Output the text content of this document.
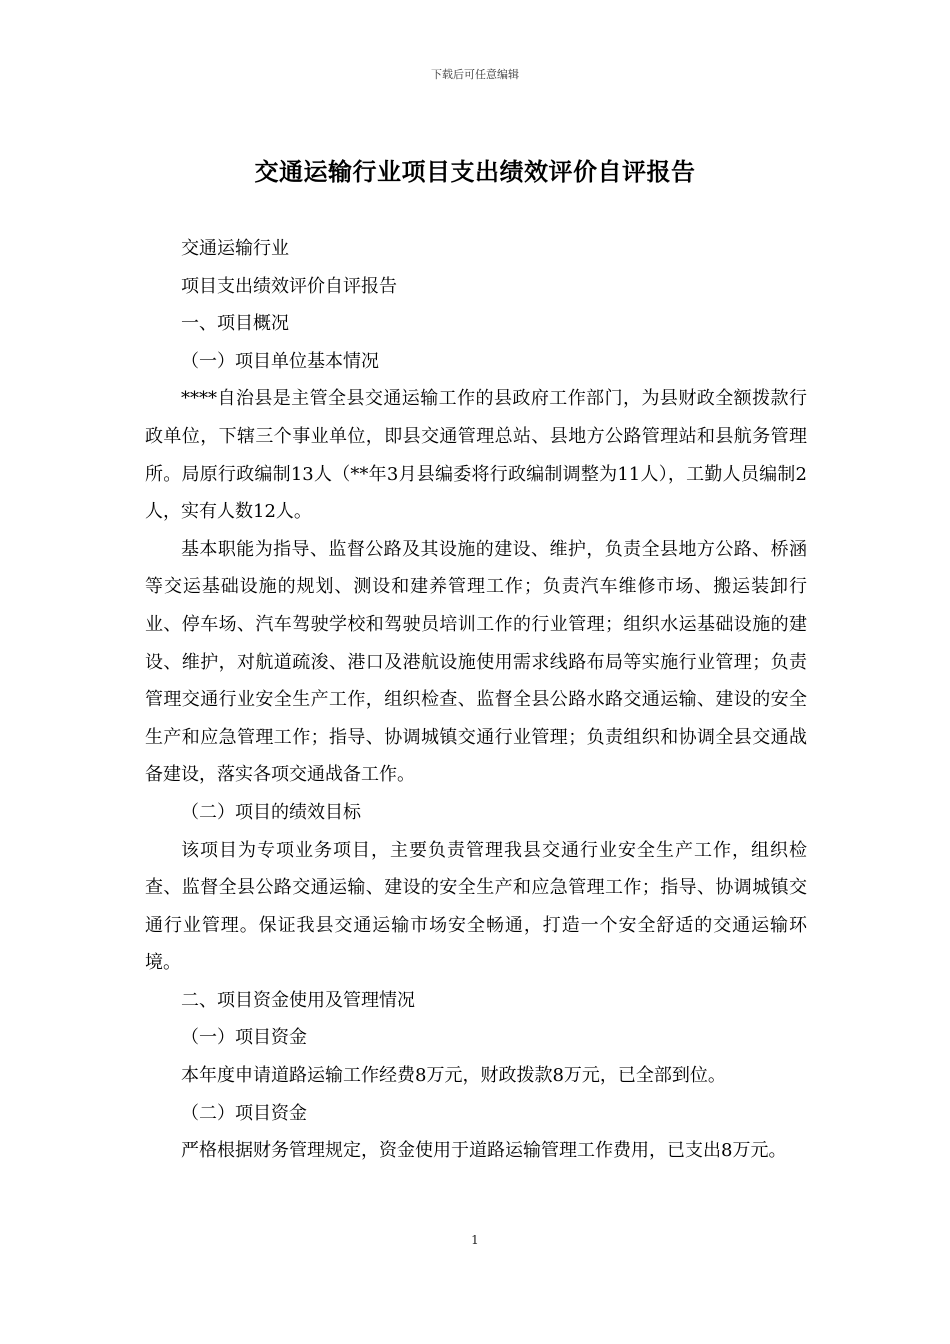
下载后可任意编辑
交通运输行业项目支出绩效评价自评报告

交通运输行业

项目支出绩效评价自评报告

一、项目概况

（一）项目单位基本情况

****自治县是主管全县交通运输工作的县政府工作部门，为县财政全额拨款行政单位，下辖三个事业单位，即县交通管理总站、县地方公路管理站和县航务管理所。局原行政编制13人（**年3月县编委将行政编制调整为11人），工勤人员编制2人，实有人数12人。

基本职能为指导、监督公路及其设施的建设、维护，负责全县地方公路、桥涵等交运基础设施的规划、测设和建养管理工作；负责汽车维修市场、搬运装卸行业、停车场、汽车驾驶学校和驾驶员培训工作的行业管理；组织水运基础设施的建设、维护，对航道疏浚、港口及港航设施使用需求线路布局等实施行业管理；负责管理交通行业安全生产工作，组织检查、监督全县公路水路交通运输、建设的安全生产和应急管理工作；指导、协调城镇交通行业管理；负责组织和协调全县交通战备建设，落实各项交通战备工作。

（二）项目的绩效目标

该项目为专项业务项目，主要负责管理我县交通行业安全生产工作，组织检查、监督全县公路交通运输、建设的安全生产和应急管理工作；指导、协调城镇交通行业管理。保证我县交通运输市场安全畅通，打造一个安全舒适的交通运输环境。

二、项目资金使用及管理情况

（一）项目资金

本年度申请道路运输工作经费8万元，财政拨款8万元，已全部到位。

（二）项目资金

严格根据财务管理规定，资金使用于道路运输管理工作费用，已支出8万元。

1
